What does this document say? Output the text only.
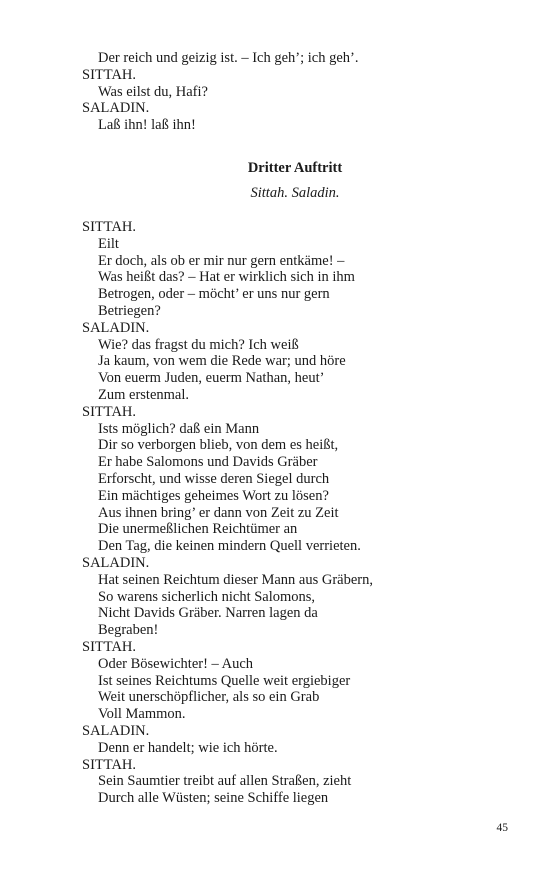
Der reich und geizig ist. – Ich geh’; ich geh’.
SITTAH.
Was eilst du, Hafi?
SALADIN.
Laß ihn! laß ihn!
Dritter Auftritt
Sittah. Saladin.
SITTAH.
Eilt
Er doch, als ob er mir nur gern entkäme! –
Was heißt das? – Hat er wirklich sich in ihm
Betrogen, oder – möcht’ er uns nur gern
Betriegen?
SALADIN.
Wie? das fragst du mich? Ich weiß
Ja kaum, von wem die Rede war; und höre
Von euerm Juden, euerm Nathan, heut’
Zum erstenmal.
SITTAH.
Ists möglich? daß ein Mann
Dir so verborgen blieb, von dem es heißt,
Er habe Salomons und Davids Gräber
Erforscht, und wisse deren Siegel durch
Ein mächtiges geheimes Wort zu lösen?
Aus ihnen bring’ er dann von Zeit zu Zeit
Die unermeßlichen Reichtümer an
Den Tag, die keinen mindern Quell verrieten.
SALADIN.
Hat seinen Reichtum dieser Mann aus Gräbern,
So warens sicherlich nicht Salomons,
Nicht Davids Gräber. Narren lagen da
Begraben!
SITTAH.
Oder Bösewichter! – Auch
Ist seines Reichtums Quelle weit ergiebiger
Weit unerschöpflicher, als so ein Grab
Voll Mammon.
SALADIN.
Denn er handelt; wie ich hörte.
SITTAH.
Sein Saumtier treibt auf allen Straßen, zieht
Durch alle Wüsten; seine Schiffe liegen
45
